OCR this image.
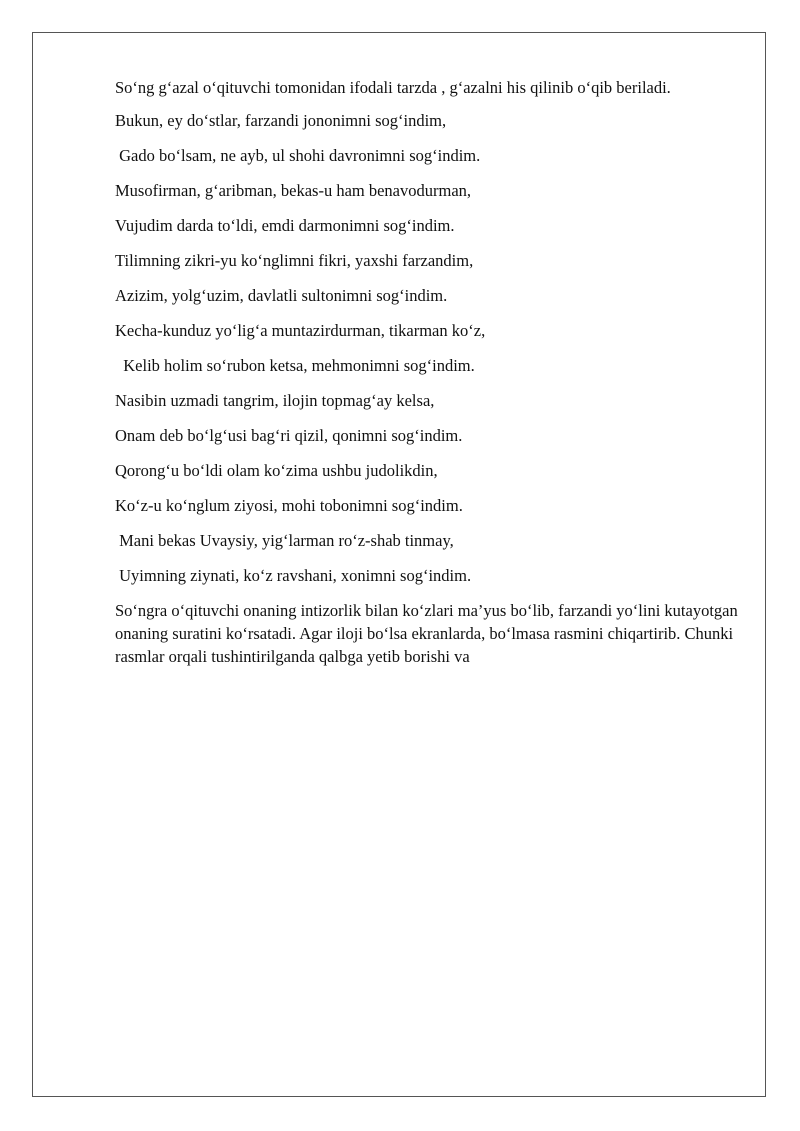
So‘ng g‘azal o‘qituvchi tomonidan ifodali tarzda , g‘azalni his qilinib o‘qib beriladi.

Bukun, ey do‘stlar, farzandi jononimni sog‘indim,

Gado bo‘lsam, ne ayb, ul shohi davronimni sog‘indim.

Musofirman, g‘aribman, bekas-u ham benavodurman,

Vujudim darda to‘ldi, emdi darmonimni sog‘indim.

Tilimning zikri-yu ko‘nglimni fikri, yaxshi farzandim,

Azizim, yolg‘uzim, davlatli sultonimni sog‘indim.

Kecha-kunduz yo‘lig‘a muntazirdurman, tikarman ko‘z,

Kelib holim so‘rubon ketsa, mehmonimni sog‘indim.

Nasibin uzmadi tangrim, ilojin topmag‘ay kelsa,

Onam deb bo‘lg‘usi bag‘ri qizil, qonimni sog‘indim.

Qorong‘u bo‘ldi olam ko‘zima ushbu judolikdin,

Ko‘z-u ko‘nglum ziyosi, mohi tobonimni sog‘indim.

Mani bekas Uvaysiy, yig‘larman ro‘z-shab tinmay,

Uyimning ziynati, ko‘z ravshani, xonimni sog‘indim.

So‘ngra o‘qituvchi onaning intizorlik bilan ko‘zlari ma’yus bo‘lib, farzandi yo‘lini kutayotgan onaning suratini ko‘rsatadi. Agar iloji bo‘lsa ekranlarda, bo‘lmasa rasmini chiqartirib. Chunki rasmlar orqali tushintirilganda qalbga yetib borishi va
